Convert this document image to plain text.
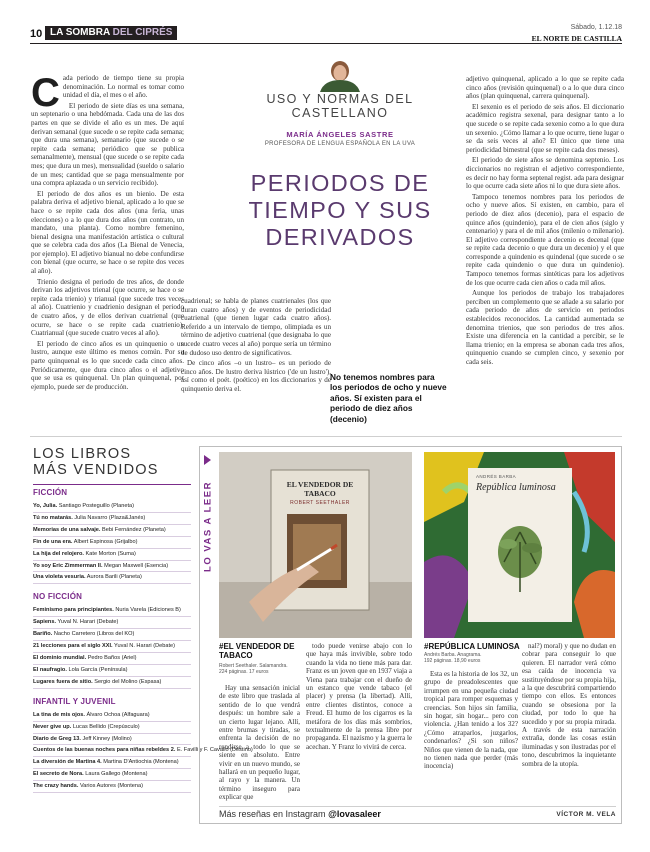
10 LA SOMBRA DEL CIPRÉS	Sábado, 1.12.18
EL NORTE DE CASTILLA
C ada periodo de tiempo tiene su propia denominación. Lo normal es tomar como unidad el día, el mes o el año.

El periodo de siete días es una semana, un septenario o una hebdómada. Cada una de las dos partes en que se divide el año es un mes. De aquí derivan semanal (que sucede o se repite cada semana; que dura una semana), semanario (que sucede o se repite cada semana; periódico que se publica semanalmente), mensual (que sucede o se repite cada mes; que dura un mes), mensualidad (sueldo o salario de un mes; cantidad que se paga mensualmente por una compra aplazada o un servicio recibido).

El periodo de dos años es un bienio. De esta palabra deriva el adjetivo bienal, aplicado a lo que se hace o se repite cada dos años (una feria, unas elecciones) o a lo que dura dos años (un contrato, un mandato, una planta). Como nombre femenino, bienal designa una manifestación artística o cultural que se celebra cada dos años (La Bienal de Venecia, por ejemplo). El adjetivo bianual no debe confundirse con bienal (que ocurre, se hace o se repite dos veces al año).

Trienio designa el periodo de tres años, de donde derivan los adjetivos trienal (que ocurre, se hace o se repite cada trienio) y trianual (que sucede tres veces al año). Cuatrienio y cuadrienio designan el periodo de cuatro años, y de ellos derivan cuatrienal (que ocurre, se hace o se repite cada cuatrienio). Cuatrianual (que sucede cuatro veces al año).

El periodo de cinco años es un quinquenio o un lustro, aunque este último es menos común. Por su parte quinquenal es lo que sucede cada cinco años. Periódicamente, que dura cinco años o el adjetivo que se usa es quinquenal. Un plan quinquenal, por ejemplo, puede ser de producción.

USO Y NORMAS DEL CASTELLANO
MARÍA ÁNGELES SASTRE
PROFESORA DE LENGUA ESPAÑOLA EN LA UVA
PERIODOS DE TIEMPO Y SUS DERIVADOS

cuadrienal; se habla de planes cuatrienales (los que duran cuatro años) y de eventos de periodicidad cuatrienal (que tienen lugar cada cuatro años). Referido a un intervalo de tiempo, olimpiada es un término de adjetivo cuatrienal (que designaba lo que sucede cuatro veces al año) porque sería un término de dudoso uso dentro de significativos.

De cinco años –o un lustro– es un periodo de cinco años. De lustro deriva lústrico ('de un lustro'), así como el poét. (poético) en los diccionarios y de quinquenio deriva el.

No tenemos nombres para los periodos de ocho y nueve años. Sí existen para el periodo de diez años (decenio)

adjetivo quinquenal, aplicado a lo que se repite cada cinco años (revisión quinquenal) o a lo que dura cinco años (plan quinquenal, carrera quinquenal).

El sexenio es el periodo de seis años. El diccionario académico registra sexenal, para designar tanto a lo que sucede o se repite cada sexenio como a lo que dura un sexenio. ¿Cómo llamar a lo que ocurre, tiene lugar o se da seis veces al año? El único que tiene una periodicidad bimestral (que se repite cada dos meses).

El periodo de siete años se denomina septenio. Los diccionarios no registran el adjetivo correspondiente, es decir no hay forma septenal regist. ada para designar lo que ocurre cada siete años ni lo que dura siete años.

Tampoco tenemos nombres para los periodos de ocho y nueve años. Sí existen, en cambio, para el periodo de diez años (decenio), para el espacio de quince años (quindenio), para el de cien años (siglo y centenario) y para el de mil años (milenio o milenario). El adjetivo correspondiente a decenio es decenal (que se repite cada decenio o que dura un decenio) y el que corresponde a quindenio es quindenal (que sucede o se repite cada quindenio o que dura un quindenio). Tampoco tenemos formas sintéticas para los adjetivos de los que ocurre cada cien años o cada mil años.

Aunque los periodos de trabajo los trabajadores perciben un complemento que se añade a su salario por cada periodo de años de servicio en periodos establecidos reconocidos. La cantidad aumentada se denomina trienios, que son periodos de tres años. Existe una diferencia en la cantidad a percibir, se le llama trienio; en la empresa se abonan cada tres años, quinquenio cuando se cumplen cinco, y sexenio por cada seis.

LOS LIBROS
MÁS VENDIDOS
FICCIÓN
Yo, Julia. Santiago Posteguillo (Planeta)
Tú no matarás. Julia Navarro (Plaza&Janés)
Memorias de una salvaje. Bebi Fernández (Planeta)
Fin de una era. Albert Espinosa (Grijalbo)
La hija del relojero. Kate Morton (Suma)
Yo soy Eric Zimmerman II. Megan Maxwell (Esencia)
Una violeta vesuria. Aurora Barili (Planeta)
NO FICCIÓN
Feminismo para principiantes. Nuria Varela (Ediciones B)
Sapiens. Yuval N. Harari (Debate)
Bariño. Nacho Carretero (Libros del KO)
21 lecciones para el siglo XXI. Yuval N. Harari (Debate)
El dominio mundial. Pedro Baños (Ariel)
El naufragio. Lola García (Península)
Lugares fuera de sitio. Sergio del Molino (Espasa)
INFANTIL Y JUVENIL
La tina de mis ojos. Álvaro Ochoa (Alfaguara)
Never give up. Lucas Bellido (Crepúsculo)
Diario de Greg 13. Jeff Kinney (Molino)
Cuentos de las buenas noches para niñas rebeldes 2. E. Favilli y F. Cavallo (Destino)
La diversión de Martina 4. Martina D'Antiochia (Montena)
El secreto de Nora. Laura Gallego (Montena)
The crazy hands. Varios Autores (Montena)
LO VAS A LEER	EL VENDEDOR DE TABACO
ROBERT SEETHALER
ANDRÉS BARBA
República luminosa
#EL VENDEDOR DE TABACO
Robert Seethaler. Salamandra.
224 páginas. 17 euros

Hay una sensación inicial de este libro que traslada al sentido de lo que vendrá después: un hombre sale a un cierto lugar lejano. Allí, entre brumas y tiradas, se enfrenta la decisión de no rendirse a todo lo que se siente en absoluto. Entre vivir en un nuevo mundo, se hallará en un pequeño lugar, al rayo y la manera. Un término inseguro para explicar que

todo puede venirse abajo con lo que haya más invivible, sobre todo cuando la vida no tiene más para dar. Franz es un joven que en 1937 viaja a Viena para trabajar con el dueño de un estanco que vende tabaco (el placer) y prensa (la libertad). Allí, entre clientes distintos, conoce a Freud. El humo de los cigarros es la metáfora de los días más sombríos, textualmente de la prensa libre por propaganda. El nazismo y la guerra le acechan. Y Franz lo vivirá de cerca.

#REPÚBLICA LUMINOSA
Andrés Barba. Anagrama.
192 páginas. 18,90 euros

Esta es la historia de los 32, un grupo de preadolescentes que irrumpen en una pequeña ciudad tropical para romper esquemas y creencias. Son hijos sin familia, sin hogar, sin hogar... pero con violencia. ¿Han tenido a los 32? ¿Cómo atraparlos, juzgarlos, condenarlos? ¿Si son niños? Niños que vienen de la nada, que no tienen nada que perder (más inocencia)

nal?) moral) y que no dudan en cobrar para conseguir lo que quieren. El narrador verá cómo esa caída de inocencia va sustituyéndose por su propia hija, a la que descubrirá compartiendo tiempo con ellos. Es entonces cuando se obsesiona por la ciudad, por todo lo que ha sucedido y por su propia mirada. A través de esta narración extraña, donde las cosas están iluminadas y son ilustradas por el tono, descubrimos la inquietante sombra de la utopía.

Más reseñas en Instagram @lovasaleer	VÍCTOR M. VELA
